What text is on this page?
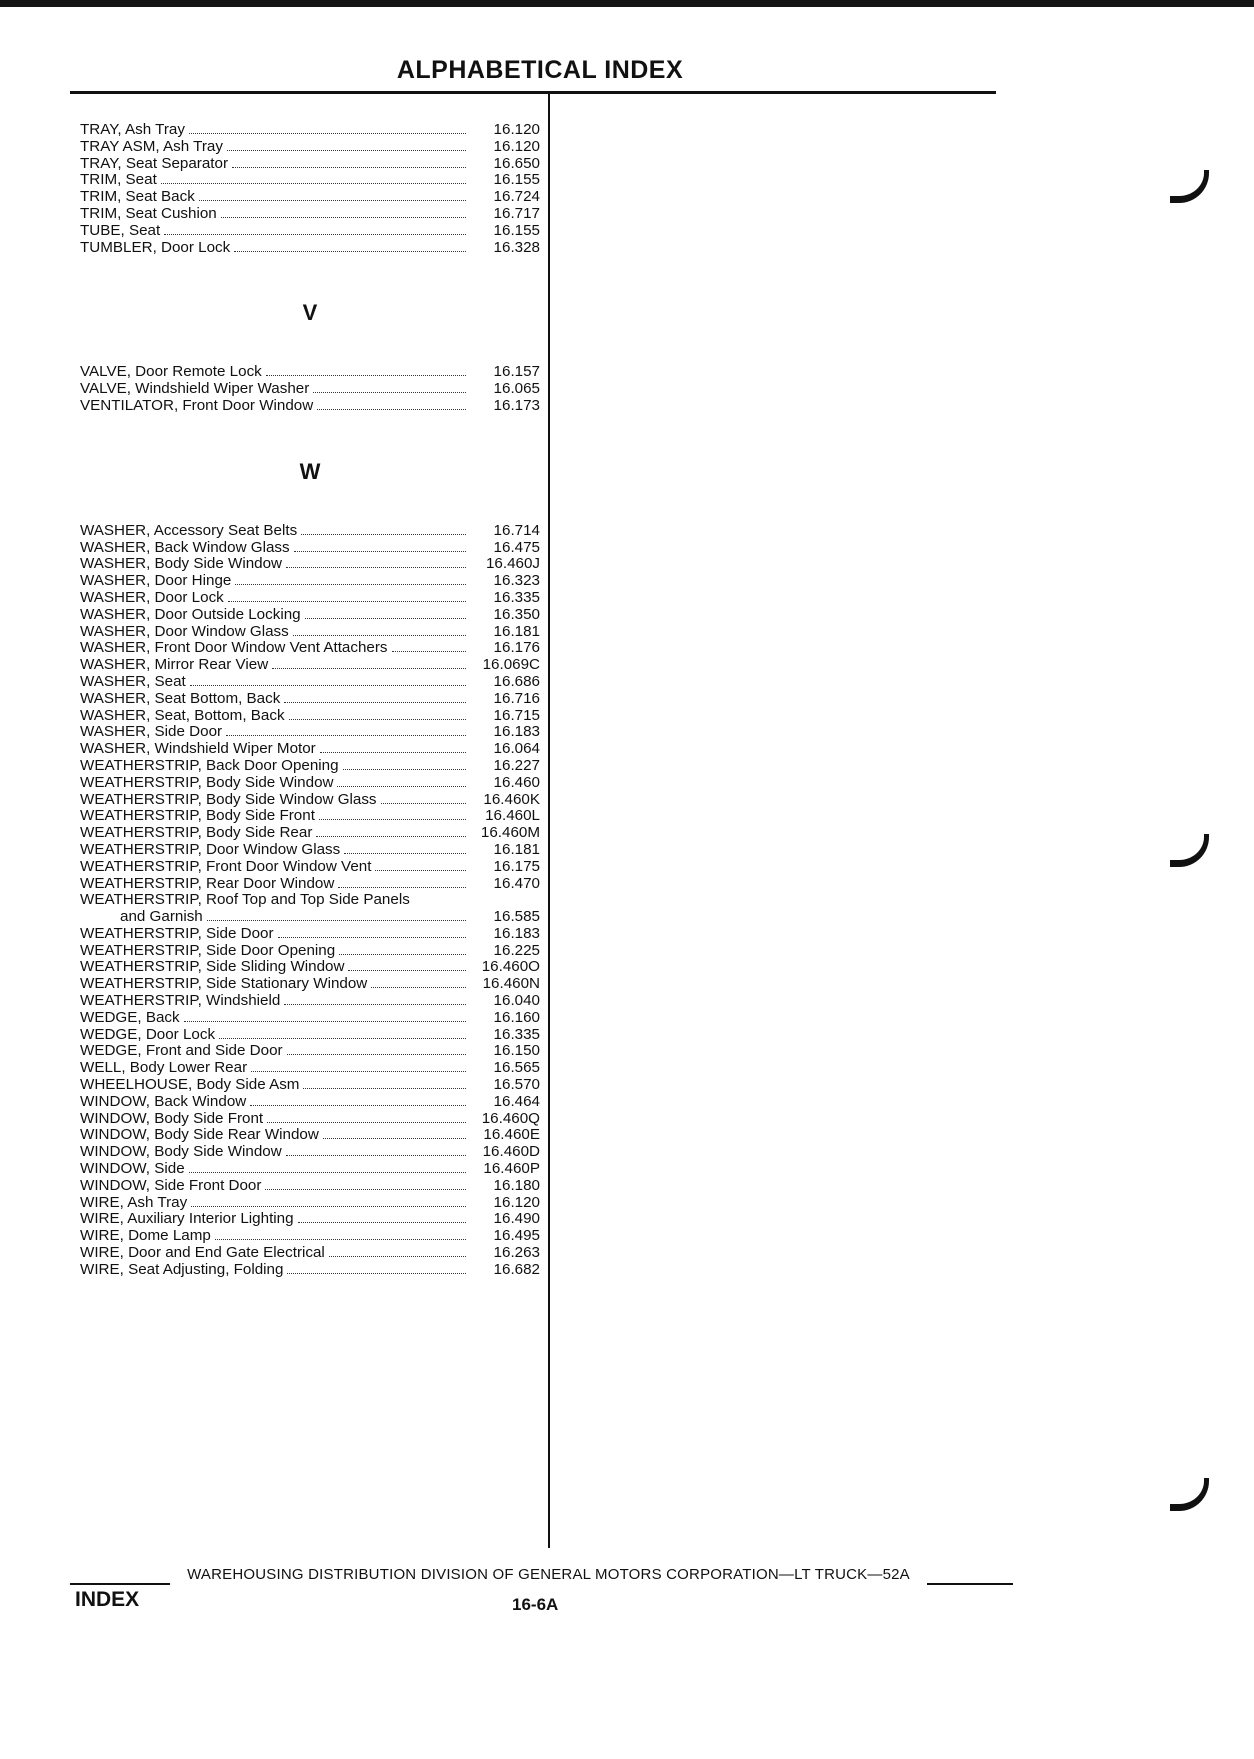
ALPHABETICAL INDEX
TRAY, Ash Tray	16.120
TRAY ASM, Ash Tray	16.120
TRAY, Seat Separator	16.650
TRIM, Seat	16.155
TRIM, Seat Back	16.724
TRIM, Seat Cushion	16.717
TUBE, Seat	16.155
TUMBLER, Door Lock	16.328
V
VALVE, Door Remote Lock	16.157
VALVE, Windshield Wiper Washer	16.065
VENTILATOR, Front Door Window	16.173
W
WASHER, Accessory Seat Belts	16.714
WASHER, Back Window Glass	16.475
WASHER, Body Side Window	16.460J
WASHER, Door Hinge	16.323
WASHER, Door Lock	16.335
WASHER, Door Outside Locking	16.350
WASHER, Door Window Glass	16.181
WASHER, Front Door Window Vent Attachers	16.176
WASHER, Mirror Rear View	16.069C
WASHER, Seat	16.686
WASHER, Seat Bottom, Back	16.716
WASHER, Seat, Bottom, Back	16.715
WASHER, Side Door	16.183
WASHER, Windshield Wiper Motor	16.064
WEATHERSTRIP, Back Door Opening	16.227
WEATHERSTRIP, Body Side Window	16.460
WEATHERSTRIP, Body Side Window Glass	16.460K
WEATHERSTRIP, Body Side Front	16.460L
WEATHERSTRIP, Body Side Rear	16.460M
WEATHERSTRIP, Door Window Glass	16.181
WEATHERSTRIP, Front Door Window Vent	16.175
WEATHERSTRIP, Rear Door Window	16.470
WEATHERSTRIP, Roof Top and Top Side Panels
and Garnish	16.585
WEATHERSTRIP, Side Door	16.183
WEATHERSTRIP, Side Door Opening	16.225
WEATHERSTRIP, Side Sliding Window	16.460O
WEATHERSTRIP, Side Stationary Window	16.460N
WEATHERSTRIP, Windshield	16.040
WEDGE, Back	16.160
WEDGE, Door Lock	16.335
WEDGE, Front and Side Door	16.150
WELL, Body Lower Rear	16.565
WHEELHOUSE, Body Side Asm	16.570
WINDOW, Back Window	16.464
WINDOW, Body Side Front	16.460Q
WINDOW, Body Side Rear Window	16.460E
WINDOW, Body Side Window	16.460D
WINDOW, Side	16.460P
WINDOW, Side Front Door	16.180
WIRE, Ash Tray	16.120
WIRE, Auxiliary Interior Lighting	16.490
WIRE, Dome Lamp	16.495
WIRE, Door and End Gate Electrical	16.263
WIRE, Seat Adjusting, Folding	16.682
WAREHOUSING DISTRIBUTION DIVISION OF GENERAL MOTORS CORPORATION—LT TRUCK—52A
INDEX	16-6A
